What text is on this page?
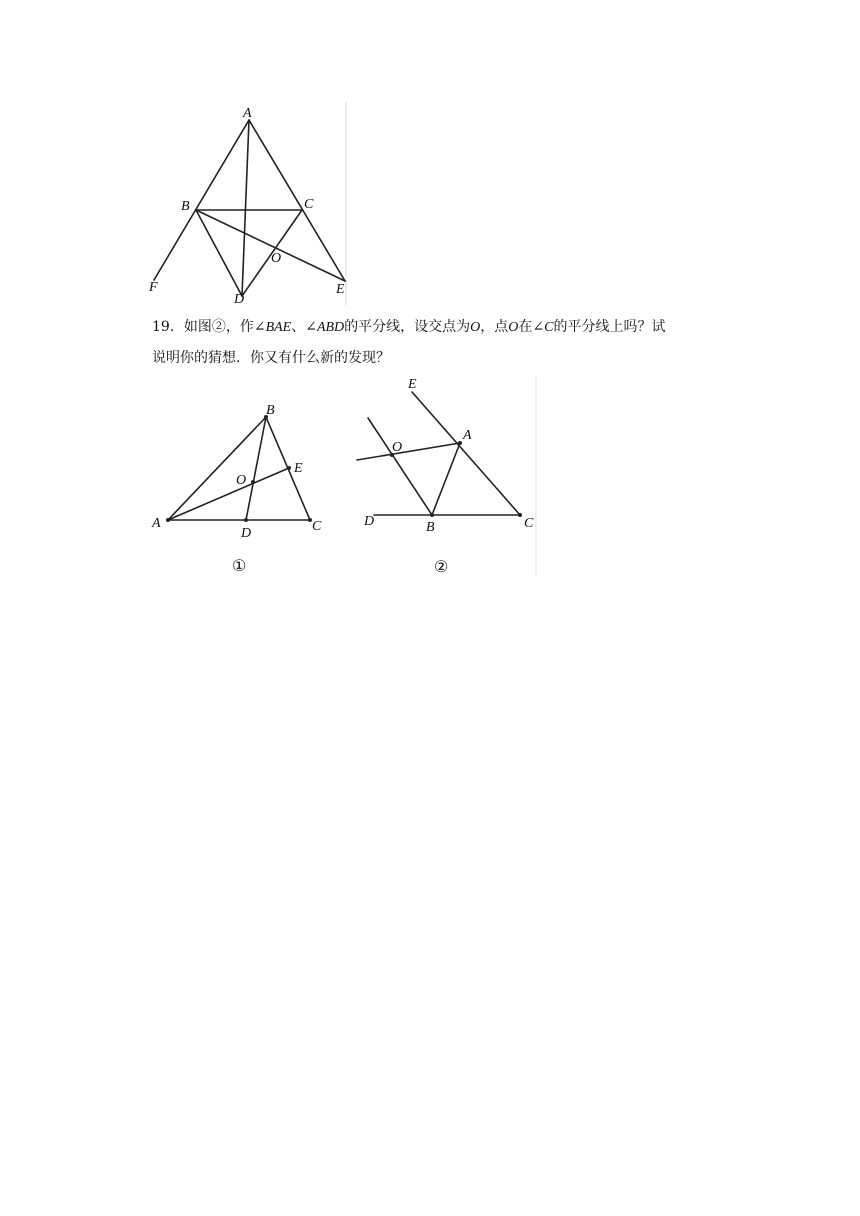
A
B	C
D
E
F
O
19．如图②，作∠BAE、∠ABD的平分线，设交点为O，点O在∠C的平分线上吗？试
说明你的猜想．你又有什么新的发现？
A
B
C
D
E
O
①
E
A
C
B
D
O
②
